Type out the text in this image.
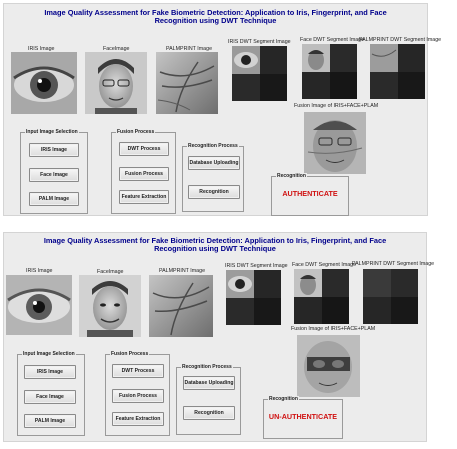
Image Quality Assessment for Fake Biometric Detection: Application to Iris, Fingerprint, and Face
Recognition using DWT Technique
IRIS Image	FaceImage	PALMPRINT Image
IRIS DWT Segment Image Face DWT Segment Image
PALMPRINT DWT Segment Image
Fusion Image of IRIS+FACE+PLAM
Input Image Selection
IRIS Image
Face Image
PALM Image
Fusion Process
DWT Process
Fusion Process
Feature Extraction
Recognition Process
Database Uploading
Recognition
Recognition
AUTHENTICATE
Image Quality Assessment for Fake Biometric Detection: Application to Iris, Fingerprint, and Face
Recognition using DWT Technique
IRIS Image	FaceImage	PALMPRINT Image
IRIS DWT Segment Image Face DWT Segment Image
PALMPRINT DWT Segment Image
Fusion Image of IRIS+FACE+PLAM
Input Image Selection
IRIS Image
Face Image
PALM Image
Fusion Process
DWT Process
Fusion Process
Feature Extraction
Recognition Process
Database Uploading
Recognition
Recognition
UN-AUTHENTICATE
